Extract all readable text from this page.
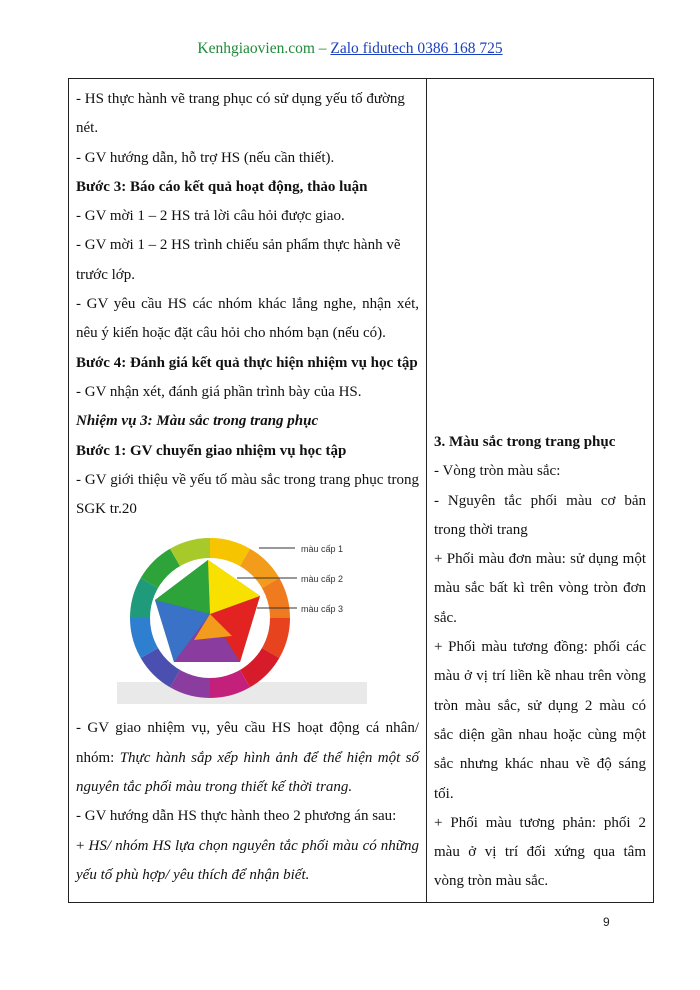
Kenhgiaovien.com – Zalo fidutech 0386 168 725

- HS thực hành vẽ trang phục có sử dụng yếu tố đường nét.

- GV hướng dẫn, hỗ trợ HS (nếu cần thiết).

Bước 3: Báo cáo kết quả hoạt động, thảo luận

- GV mời 1 – 2 HS trả lời câu hỏi được giao.

- GV mời 1 – 2 HS trình chiếu sản phẩm thực hành vẽ trước lớp.

- GV yêu cầu HS các nhóm khác lắng nghe, nhận xét, nêu ý kiến hoặc đặt câu hỏi cho nhóm bạn (nếu có).

Bước 4: Đánh giá kết quả thực hiện nhiệm vụ học tập

- GV nhận xét, đánh giá phần trình bày của HS.

Nhiệm vụ 3: Màu sắc trong trang phục

Bước 1: GV chuyển giao nhiệm vụ học tập

- GV giới thiệu về yếu tố màu sắc trong trang phục trong SGK tr.20

màu cấp 1
màu cấp 2
màu cấp 3

- GV giao nhiệm vụ, yêu cầu HS hoạt động cá nhân/ nhóm: Thực hành sắp xếp hình ảnh để thể hiện một số nguyên tắc phối màu trong thiết kế thời trang.

- GV hướng dẫn HS thực hành theo 2 phương án sau:

+ HS/ nhóm HS lựa chọn nguyên tắc phối màu có những yếu tố phù hợp/ yêu thích để nhận biết.

3. Màu sắc trong trang phục

- Vòng tròn màu sắc:

- Nguyên tắc phối màu cơ bản trong thời trang

+ Phối màu đơn màu: sử dụng một màu sắc bất kì trên vòng tròn đơn sắc.

+ Phối màu tương đồng: phối các màu ở vị trí liền kề nhau trên vòng tròn màu sắc, sử dụng 2 màu có sắc diện gần nhau hoặc cùng một sắc nhưng khác nhau về độ sáng tối.

+ Phối màu tương phản: phối 2 màu ở vị trí đối xứng qua tâm vòng tròn màu sắc.

9
